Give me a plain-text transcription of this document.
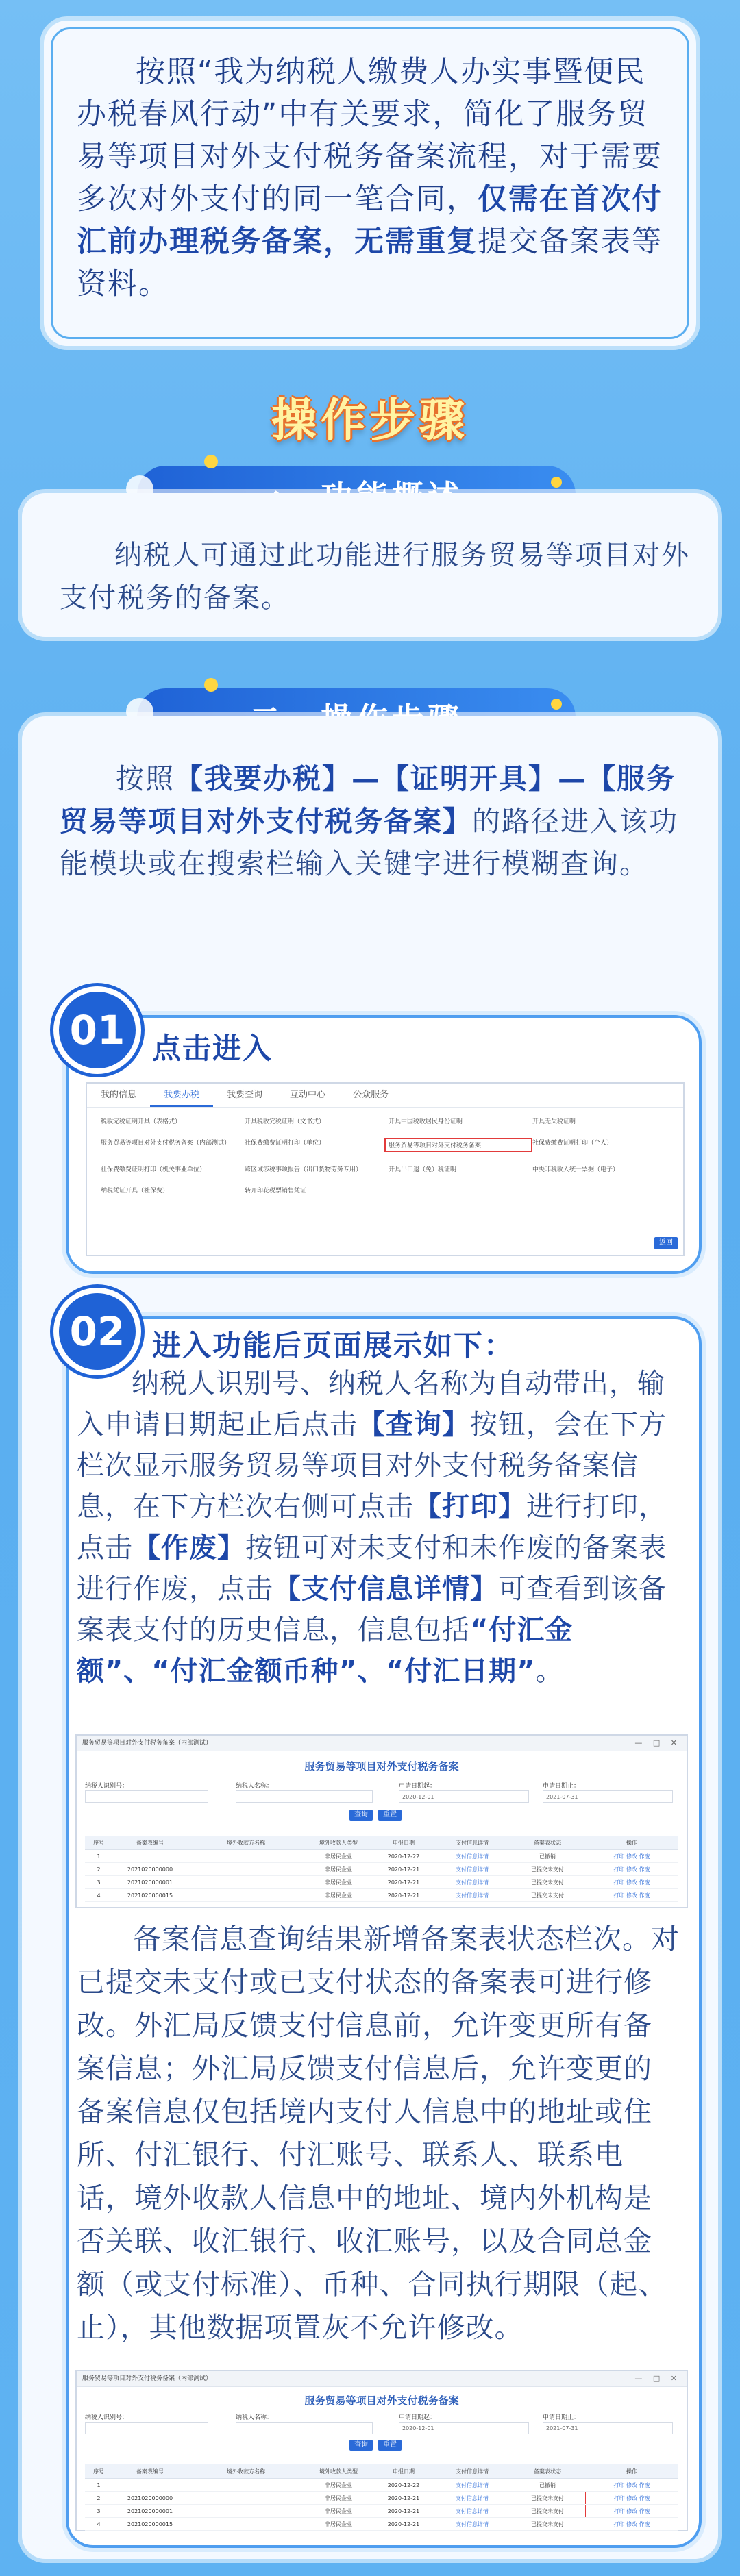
按照“我为纳税人缴费人办实事暨便民办税春风行动”中有关要求，简化了服务贸易等项目对外支付税务备案流程，对于需要多次对外支付的同一笔合同，仅需在首次付汇前办理税务备案，无需重复提交备案表等资料。
操作步骤
纳税人可通过此功能进行服务贸易等项目对外支付税务的备案。
按照【我要办税】—【证明开具】—【服务贸易等项目对外支付税务备案】的路径进入该功能模块或在搜索栏输入关键字进行模糊查询。
01 点击进入
我的信息	我要办税	我要查询	互动中心	公众服务
税收完税证明开具（表格式）	开具税收完税证明（文书式）	开具中国税收居民身份证明	开具无欠税证明
服务贸易等项目对外支付税务备案（内部测试）	社保费缴费证明打印（单位）	服务贸易等项目对外支付税务备案	社保费缴费证明打印（个人）
社保费缴费证明打印（机关事业单位）	跨区域涉税事项报告（出口货物劳务专用）	开具出口退（免）税证明	中央非税收入统一票据（电子）
纳税凭证开具（社保费）	转开印花税票销售凭证
返回
02 进入功能后页面展示如下：
纳税人识别号、纳税人名称为自动带出，输入申请日期起止后点击【查询】按钮，会在下方栏次显示服务贸易等项目对外支付税务备案信息，在下方栏次右侧可点击【打印】进行打印，点击【作废】按钮可对未支付和未作废的备案表进行作废，点击【支付信息详情】可查看到该备案表支付的历史信息，信息包括“付汇金额”、“付汇金额币种”、“付汇日期”。
服务贸易等项目对外支付税务备案（内部测试）	— □ ✕
服务贸易等项目对外支付税务备案
纳税人识别号：	纳税人名称：	申请日期起：
2020-12-01
申请日期止：
2021-07-31
查询	重置
序号	备案表编号	境外收款方名称	境外收款人类型	申报日期	支付信息详情	备案表状态	操作
1			非居民企业	2020-12-22	支付信息详情	已撤销	打印 修改 作废
2	2021020000000		非居民企业	2020-12-21	支付信息详情	已提交未支付	打印 修改 作废
3	2021020000001		非居民企业	2020-12-21	支付信息详情	已提交未支付	打印 修改 作废
4	2021020000015		非居民企业	2020-12-21	支付信息详情	已提交未支付	打印 修改 作废
备案信息查询结果新增备案表状态栏次。对已提交未支付或已支付状态的备案表可进行修改。外汇局反馈支付信息前，允许变更所有备案信息；外汇局反馈支付信息后，允许变更的备案信息仅包括境内支付人信息中的地址或住所、付汇银行、付汇账号、联系人、联系电话，境外收款人信息中的地址、境内外机构是否关联、收汇银行、收汇账号，以及合同总金额（或支付标准）、币种、合同执行期限（起、止），其他数据项置灰不允许修改。
服务贸易等项目对外支付税务备案（内部测试）	— □ ✕
服务贸易等项目对外支付税务备案
纳税人识别号：	纳税人名称：	申请日期起：
2020-12-01
申请日期止：
2021-07-31
查询	重置
序号	备案表编号	境外收款方名称	境外收款人类型	申报日期	支付信息详情	备案表状态	操作
1			非居民企业	2020-12-22	支付信息详情	已撤销	打印 修改 作废
2	2021020000000		非居民企业	2020-12-21	支付信息详情	已提交未支付	打印 修改 作废
3	2021020000001		非居民企业	2020-12-21	支付信息详情	已提交未支付	打印 修改 作废
4	2021020000015		非居民企业	2020-12-21	支付信息详情	已提交未支付	打印 修改 作废
